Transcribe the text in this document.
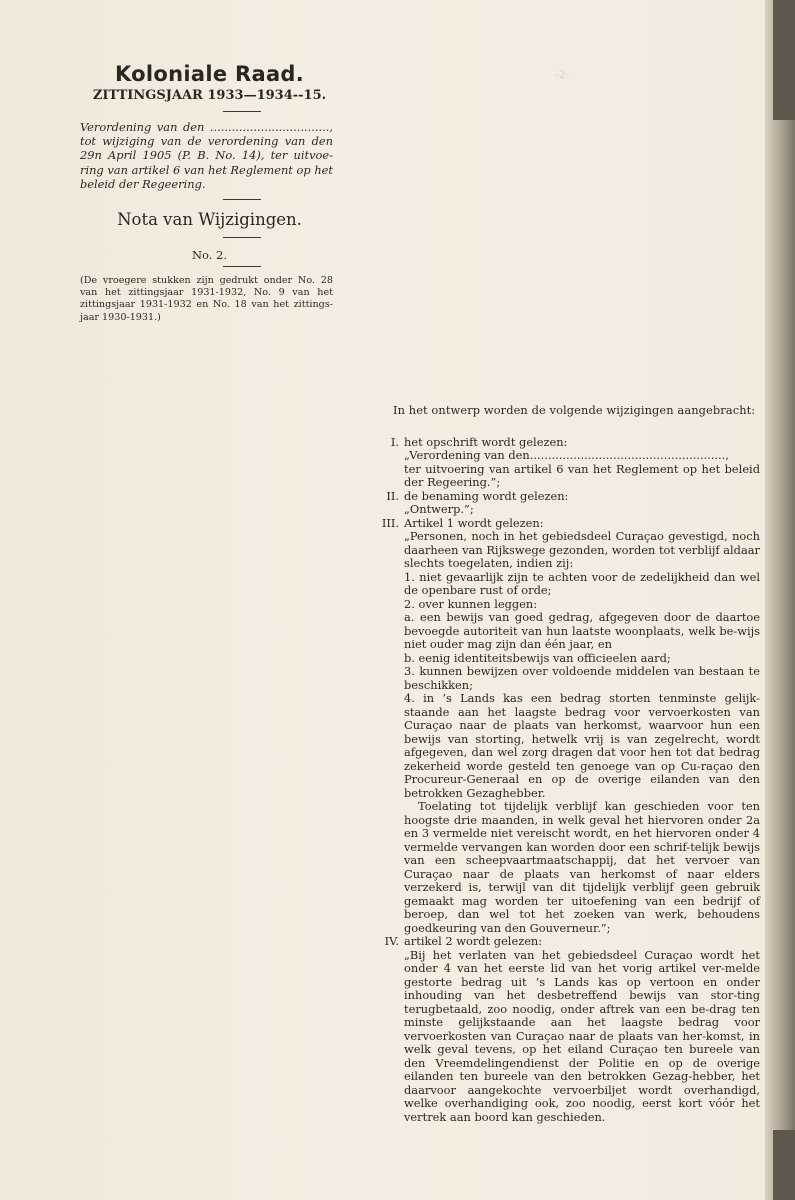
-2-
Koloniale Raad.
ZITTINGSJAAR 1933—1934--15.
Verordening van den ................................., tot wijziging van de verordening van den 29n April 1905 (P. B. No. 14), ter uitvoe-ring van artikel 6 van het Reglement op het beleid der Regeering.
Nota van Wijzigingen.
No. 2.
(De vroegere stukken zijn gedrukt onder No. 28 van het zittingsjaar 1931-1932, No. 9 van het zittingsjaar 1931-1932 en No. 18 van het zittings-jaar 1930-1931.)
In het ontwerp worden de volgende wijzigingen aangebracht:
I. het opschrift wordt gelezen:

„Verordening van den......................................................,

ter uitvoering van artikel 6 van het Reglement op het beleid der Regeering.”;

II. de benaming wordt gelezen:

„Ontwerp.”;

III. Artikel 1 wordt gelezen:

„Personen, noch in het gebiedsdeel Curaçao gevestigd, noch daarheen van Rijkswege gezonden, worden tot verblijf aldaar slechts toegelaten, indien zij:

1. niet gevaarlijk zijn te achten voor de zedelijkheid dan wel de openbare rust of orde;

2. over kunnen leggen:

a. een bewijs van goed gedrag, afgegeven door de daartoe bevoegde autoriteit van hun laatste woonplaats, welk be-wijs niet ouder mag zijn dan één jaar, en

b. eenig identiteitsbewijs van officieelen aard;

3. kunnen bewijzen over voldoende middelen van bestaan te beschikken;

4. in ’s Lands kas een bedrag storten tenminste gelijk-staande aan het laagste bedrag voor vervoerkosten van Curaçao naar de plaats van herkomst, waarvoor hun een bewijs van storting, hetwelk vrij is van zegelrecht, wordt afgegeven, dan wel zorg dragen dat voor hen tot dat bedrag zekerheid worde gesteld ten genoege van op Cu-raçao den Procureur-Generaal en op de overige eilanden van den betrokken Gezaghebber.

Toelating tot tijdelijk verblijf kan geschieden voor ten hoogste drie maanden, in welk geval het hiervoren onder 2a en 3 vermelde niet vereischt wordt, en het hiervoren onder 4 vermelde vervangen kan worden door een schrif-telijk bewijs van een scheepvaartmaatschappij, dat het vervoer van Curaçao naar de plaats van herkomst of naar elders verzekerd is, terwijl van dit tijdelijk verblijf geen gebruik gemaakt mag worden ter uitoefening van een bedrijf of beroep, dan wel tot het zoeken van werk, behoudens goedkeuring van den Gouverneur.”;

IV. artikel 2 wordt gelezen:

„Bij het verlaten van het gebiedsdeel Curaçao wordt het onder 4 van het eerste lid van het vorig artikel ver-melde gestorte bedrag uit ’s Lands kas op vertoon en onder inhouding van het desbetreffend bewijs van stor-ting terugbetaald, zoo noodig, onder aftrek van een be-drag ten minste gelijkstaande aan het laagste bedrag voor vervoerkosten van Curaçao naar de plaats van her-komst, in welk geval tevens, op het eiland Curaçao ten bureele van den Vreemdelingendienst der Politie en op de overige eilanden ten bureele van den betrokken Gezag-hebber, het daarvoor aangekochte vervoerbiljet wordt overhandigd, welke overhandiging ook, zoo noodig, eerst kort vóór het vertrek aan boord kan geschieden.
